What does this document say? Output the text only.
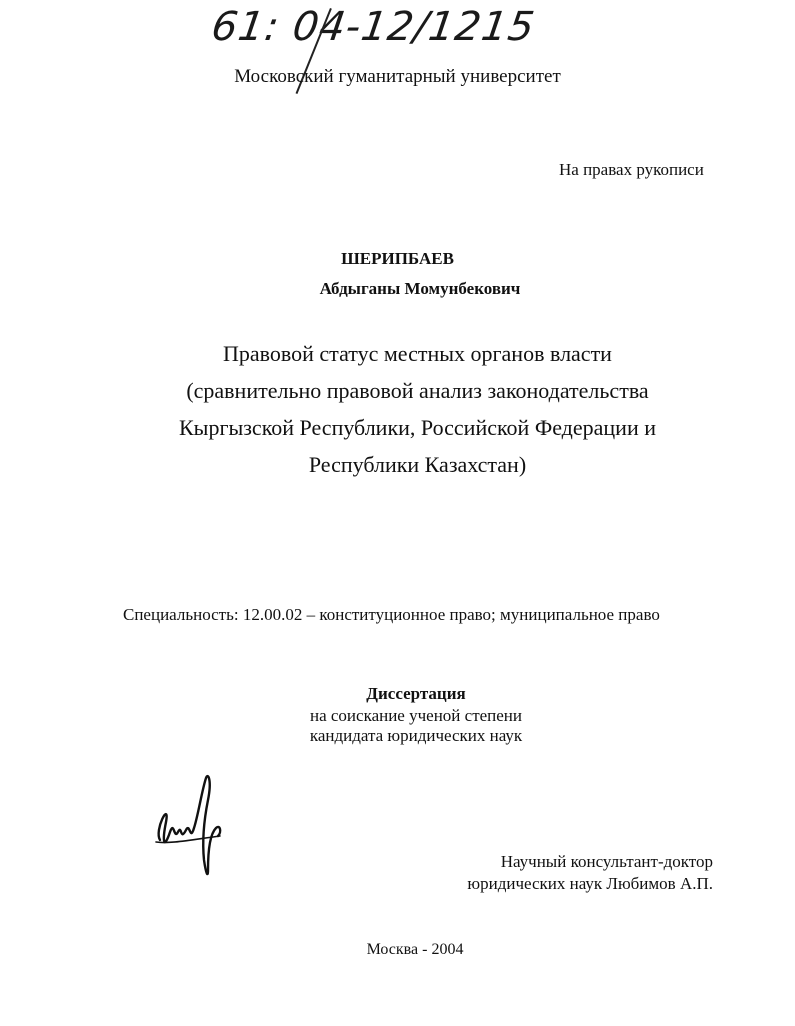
61: 04-12/1215
Московский гуманитарный университет
На правах рукописи
ШЕРИПБАЕВ
Абдыганы Момунбекович
Правовой статус местных органов власти
(сравнительно правовой анализ законодательства
Кыргызской Республики, Российской Федерации и
Республики Казахстан)
Специальность: 12.00.02 – конституционное право; муниципальное право
Диссертация
на соискание ученой степени
кандидата юридических наук
Научный консультант-доктор
юридических наук Любимов А.П.
Москва - 2004
